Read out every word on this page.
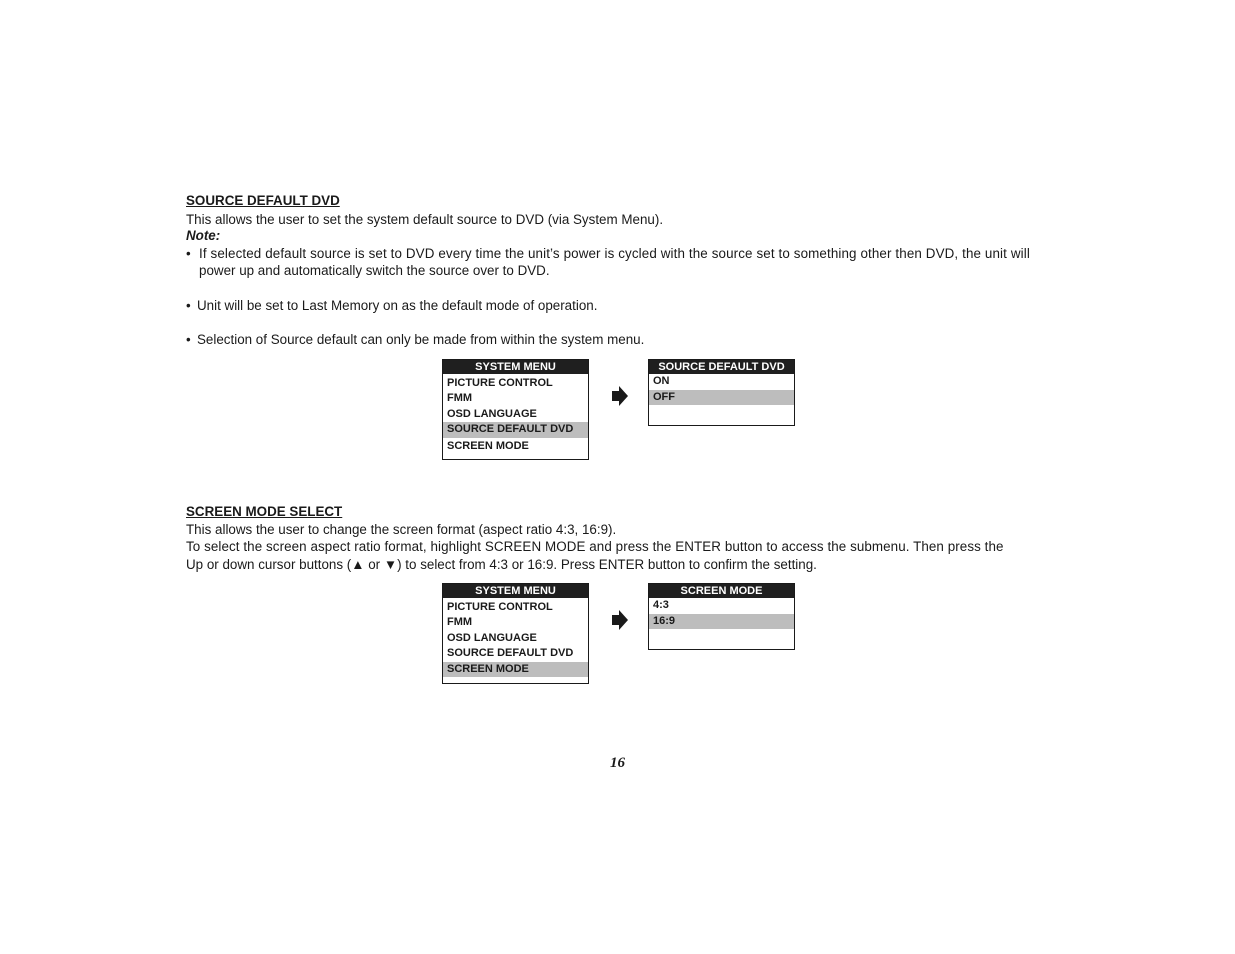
SOURCE DEFAULT DVD
This allows the user to set the system default source to DVD (via System Menu).
Note:
• If selected default source is set to DVD every time the unit’s power is cycled with the source set to something other then DVD, the unit will
power up and automatically switch the source over to DVD.
• Unit will be set to Last Memory on as the default mode of operation.
• Selection of Source default can only be made from within the system menu.
SYSTEM MENU
PICTURE CONTROL
FMM
OSD LANGUAGE
SOURCE DEFAULT DVD
SCREEN MODE
SOURCE DEFAULT DVD
ON
OFF
SCREEN MODE SELECT
This allows the user to change the screen format (aspect ratio 4:3, 16:9).
To select the screen aspect ratio format, highlight SCREEN MODE and press the ENTER button to access the submenu. Then press the
Up or down cursor buttons (▲ or ▼) to select from 4:3 or 16:9. Press ENTER button to confirm the setting.
SYSTEM MENU
PICTURE CONTROL
FMM
OSD LANGUAGE
SOURCE DEFAULT DVD
SCREEN MODE
SCREEN MODE
4:3
16:9
16
